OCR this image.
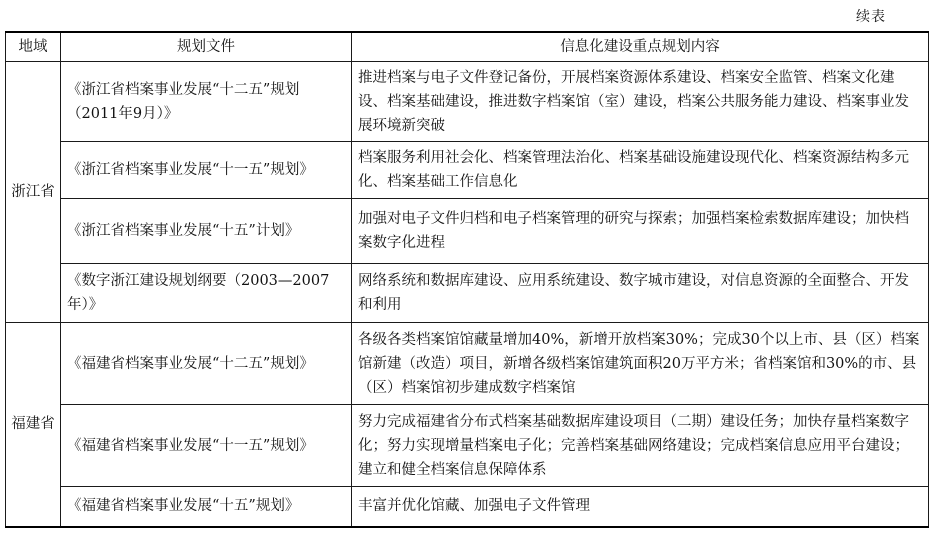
续表
地域	规划文件	信息化建设重点规划内容
浙江省	《浙江省档案事业发展“十二五”规划（2011年9月）》	推进档案与电子文件登记备份，开展档案资源体系建设、档案安全监管、档案文化建设、档案基础建设，推进数字档案馆（室）建设，档案公共服务能力建设、档案事业发展环境新突破
	《浙江省档案事业发展“十一五”规划》	档案服务利用社会化、档案管理法治化、档案基础设施建设现代化、档案资源结构多元化、档案基础工作信息化
	《浙江省档案事业发展“十五”计划》	加强对电子文件归档和电子档案管理的研究与探索；加强档案检索数据库建设；加快档案数字化进程
	《数字浙江建设规划纲要（2003—2007年）》	网络系统和数据库建设、应用系统建设、数字城市建设，对信息资源的全面整合、开发和利用
福建省	《福建省档案事业发展“十二五”规划》	各级各类档案馆馆藏量增加40%，新增开放档案30%；完成30个以上市、县（区）档案馆新建（改造）项目，新增各级档案馆建筑面积20万平方米；省档案馆和30%的市、县（区）档案馆初步建成数字档案馆
	《福建省档案事业发展“十一五”规划》	努力完成福建省分布式档案基础数据库建设项目（二期）建设任务；加快存量档案数字化；努力实现增量档案电子化；完善档案基础网络建设；完成档案信息应用平台建设；建立和健全档案信息保障体系
	《福建省档案事业发展“十五”规划》	丰富并优化馆藏、加强电子文件管理
